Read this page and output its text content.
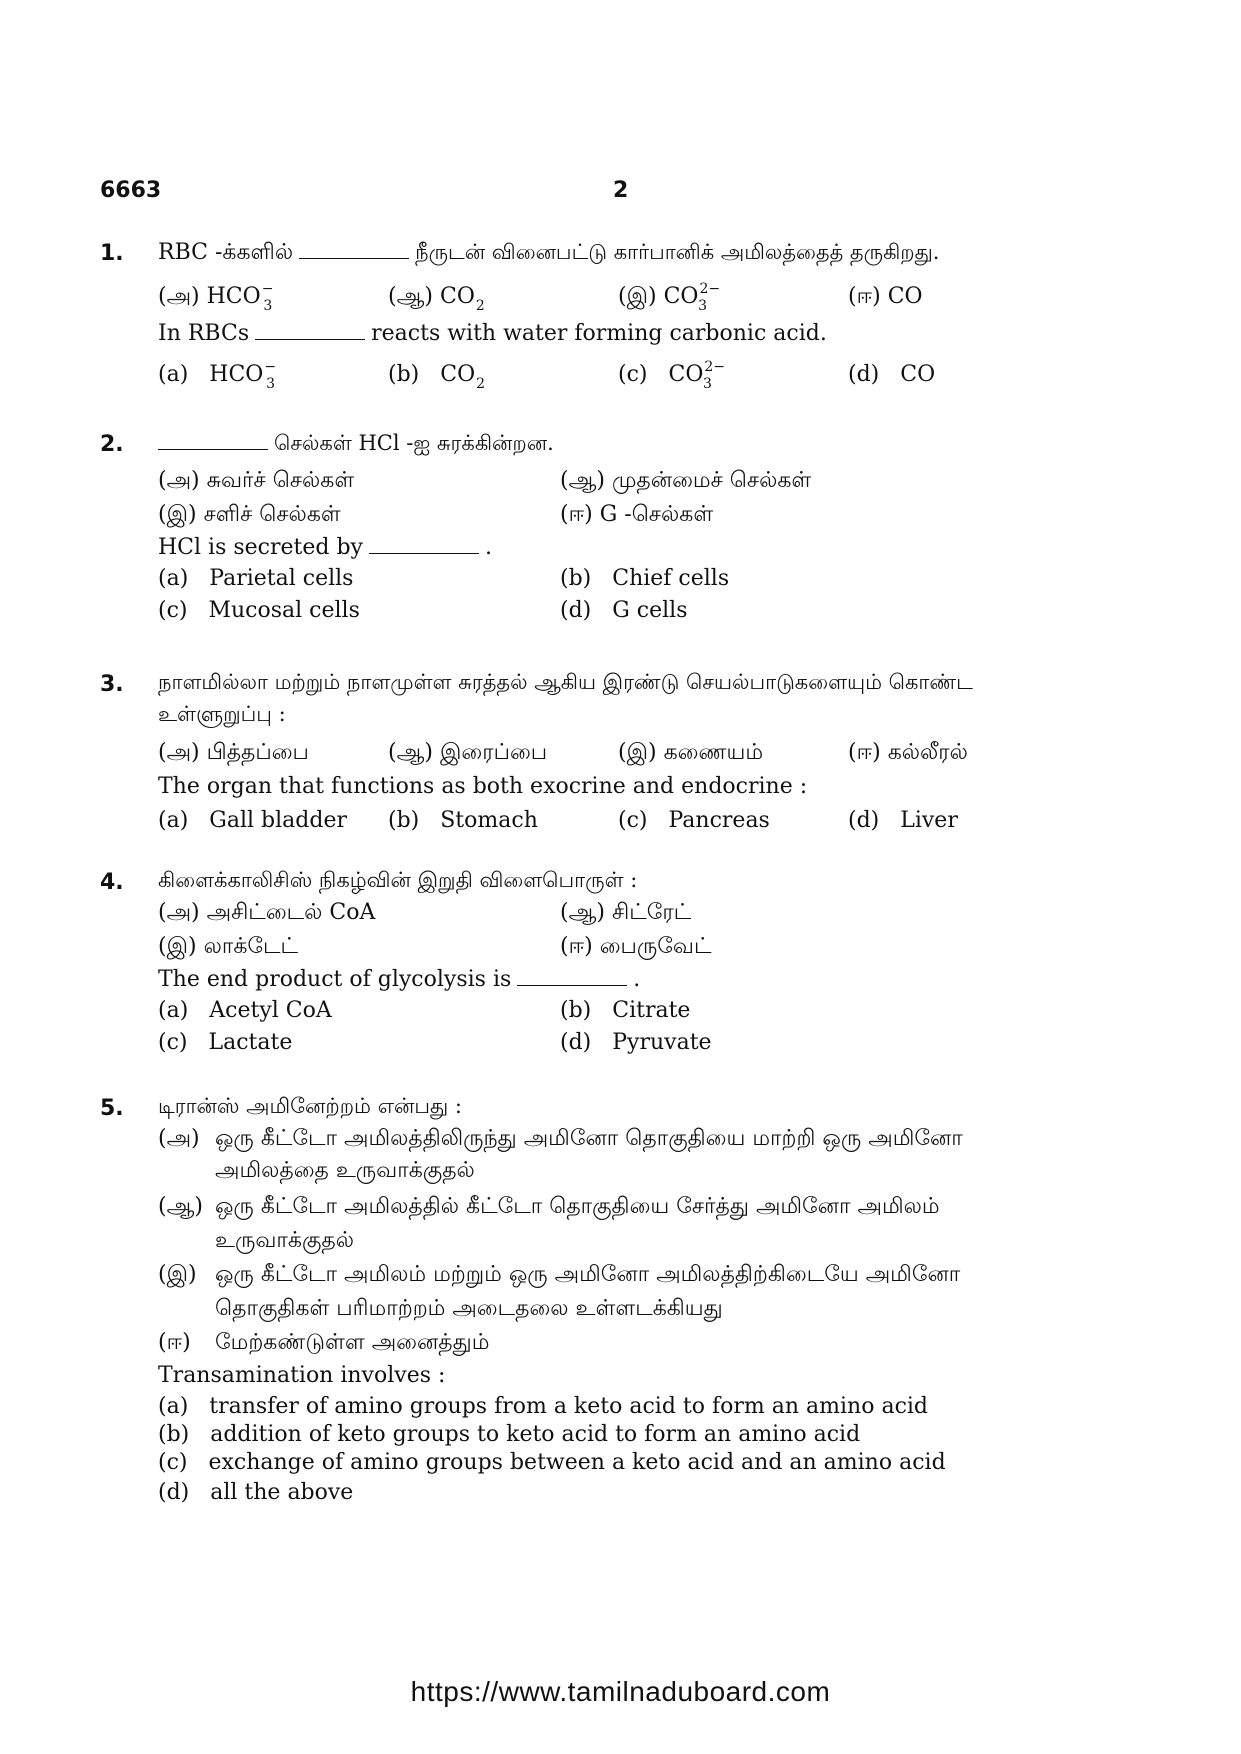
6663	2
1. RBC -க்களில்	நீருடன் வினைபட்டு கார்பானிக் அமிலத்தைத் தருகிறது.
(அ) $HCO^-_3$	(ஆ) $CO_2$	(இ) $CO^{2-}_3$	(ஈ) CO
In RBCs	reacts with water forming carbonic acid.
(a) $HCO^-_3$	(b) $CO_2$	(c) $CO^{2-}_3$	(d) CO
2.	செல்கள் HCl -ஐ சுரக்கின்றன.
(அ) சுவர்ச் செல்கள்	(ஆ) முதன்மைச் செல்கள்
(இ) சளிச் செல்கள்	(ஈ) G -செல்கள்
HCl is secreted by	.
(a) Parietal cells	(b) Chief cells
(c) Mucosal cells	(d) G cells
3. நாளமில்லா மற்றும் நாளமுள்ள சுரத்தல் ஆகிய இரண்டு செயல்பாடுகளையும் கொண்ட
உள்ளுறுப்பு :
(அ) பித்தப்பை	(ஆ) இரைப்பை	(இ) கணையம்	(ஈ) கல்லீரல்
The organ that functions as both exocrine and endocrine :
(a) Gall bladder (b) Stomach	(c) Pancreas	(d) Liver
4. கிளைக்காலிசிஸ் நிகழ்வின் இறுதி விளைபொருள் :
(அ) அசிட்டைல் CoA	(ஆ) சிட்ரேட்
(இ) லாக்டேட்	(ஈ) பைருவேட்
The end product of glycolysis is	.
(a) Acetyl CoA	(b) Citrate
(c) Lactate	(d) Pyruvate
5. டிரான்ஸ் அமினேற்றம் என்பது :
(அ) ஒரு கீட்டோ அமிலத்திலிருந்து அமினோ தொகுதியை மாற்றி ஒரு அமினோ
அமிலத்தை உருவாக்குதல்
(ஆ) ஒரு கீட்டோ அமிலத்தில் கீட்டோ தொகுதியை சேர்த்து அமினோ அமிலம்
உருவாக்குதல்
(இ) ஒரு கீட்டோ அமிலம் மற்றும் ஒரு அமினோ அமிலத்திற்கிடையே அமினோ
தொகுதிகள் பரிமாற்றம் அடைதலை உள்ளடக்கியது
(ஈ) மேற்கண்டுள்ள அனைத்தும்
Transamination involves :
(a) transfer of amino groups from a keto acid to form an amino acid
(b) addition of keto groups to keto acid to form an amino acid
(c) exchange of amino groups between a keto acid and an amino acid
(d) all the above
https://www.tamilnaduboard.com
